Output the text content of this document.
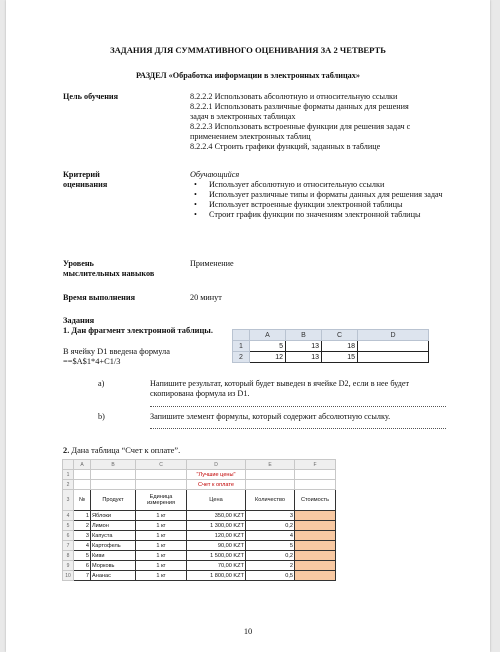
ЗАДАНИЯ ДЛЯ СУММАТИВНОГО ОЦЕНИВАНИЯ ЗА 2 ЧЕТВЕРТЬ
РАЗДЕЛ «Обработка информации в электронных таблицах»
Цель обучения	8.2.2.2 Использовать абсолютную и относительную ссылки
8.2.2.1 Использовать различные форматы данных для решения
задач в электронных таблицах
8.2.2.3 Использовать встроенные функции для решения задач с
применением электронных таблиц
8.2.2.4 Строить графики функций, заданных в таблице
Критерий
оценивания
Обучающийся
• Использует абсолютную и относительную ссылки
• Использует различные типы и форматы данных для решения задач
• Использует встроенные функции электронной таблицы
• Строит график функции по значениям электронной таблицы
Уровень
мыслительных навыков
Применение
Время выполнения	20 минут
Задания
1. Дан фрагмент электронной таблицы.
В ячейку D1 введена формула
==$A$1*4+C1/3
	A	B	C	D
1	5	13	18	
2	12	13	15	
a)	Напишите результат, который будет выведен в ячейке D2, если в нее будет
скопирована формула из D1.
b)	Запишите элемент формулы, который содержит абсолютную ссылку.
2. Дана таблица “Счет к оплате”.
	A	B	C	D	E	F
1				"Лучшие цены"		
2				Счет к оплате		
3	№	Продукт	Единица
измерения	Цена	Количество	Стоимость
4	1	Яблоки	1 кг	350,00 KZT	3	
5	2	Лимон	1 кг	1 300,00 KZT	0,2	
6	3	Капуста	1 кг	120,00 KZT	4	
7	4	Картофель	1 кг	90,00 KZT	5	
8	5	Киви	1 кг	1 500,00 KZT	0,2	
9	6	Морковь	1 кг	70,00 KZT	2	
10	7	Ананас	1 кг	1 800,00 KZT	0,5	
10
